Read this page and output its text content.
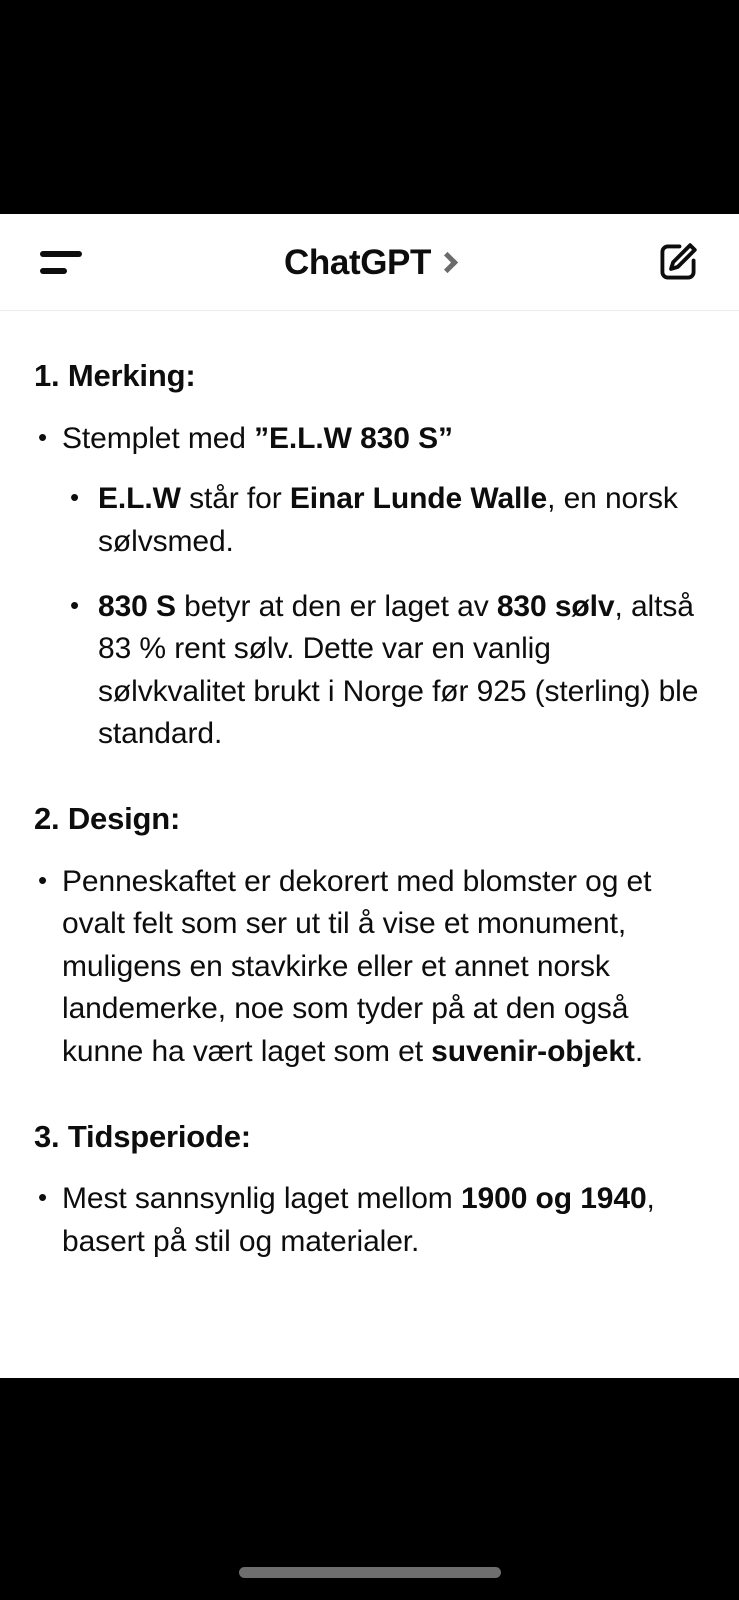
ChatGPT
1. Merking:
• Stemplet med ”E.L.W 830 S”
• E.L.W står for Einar Lunde Walle, en norsk sølvsmed.
• 830 S betyr at den er laget av 830 sølv, altså 83 % rent sølv. Dette var en vanlig sølvkvalitet brukt i Norge før 925 (sterling) ble standard.
2. Design:
• Penneskaftet er dekorert med blomster og et ovalt felt som ser ut til å vise et monument, muligens en stavkirke eller et annet norsk landemerke, noe som tyder på at den også kunne ha vært laget som et suvenir-objekt.
3. Tidsperiode:
• Mest sannsynlig laget mellom 1900 og 1940, basert på stil og materialer.
